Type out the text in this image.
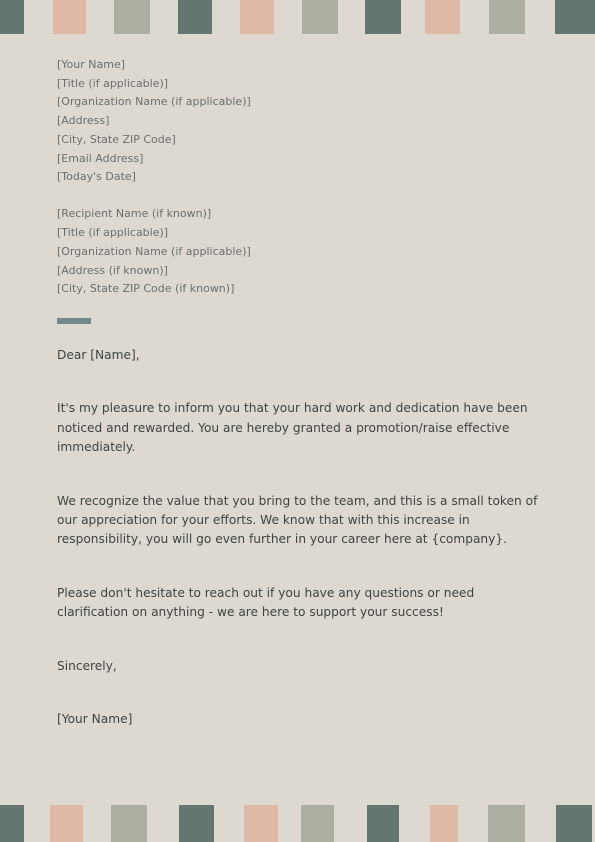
[Your Name]
[Title (if applicable)]
[Organization Name (if applicable)]
[Address]
[City, State ZIP Code]
[Email Address]
[Today's Date]
[Recipient Name (if known)]
[Title (if applicable)]
[Organization Name (if applicable)]
[Address (if known)]
[City, State ZIP Code (if known)]
Dear [Name],
It's my pleasure to inform you that your hard work and dedication have been noticed and rewarded. You are hereby granted a promotion/raise effective immediately.
We recognize the value that you bring to the team, and this is a small token of our appreciation for your efforts. We know that with this increase in responsibility, you will go even further in your career here at {company}.
Please don't hesitate to reach out if you have any questions or need clarification on anything - we are here to support your success!
Sincerely,
[Your Name]
